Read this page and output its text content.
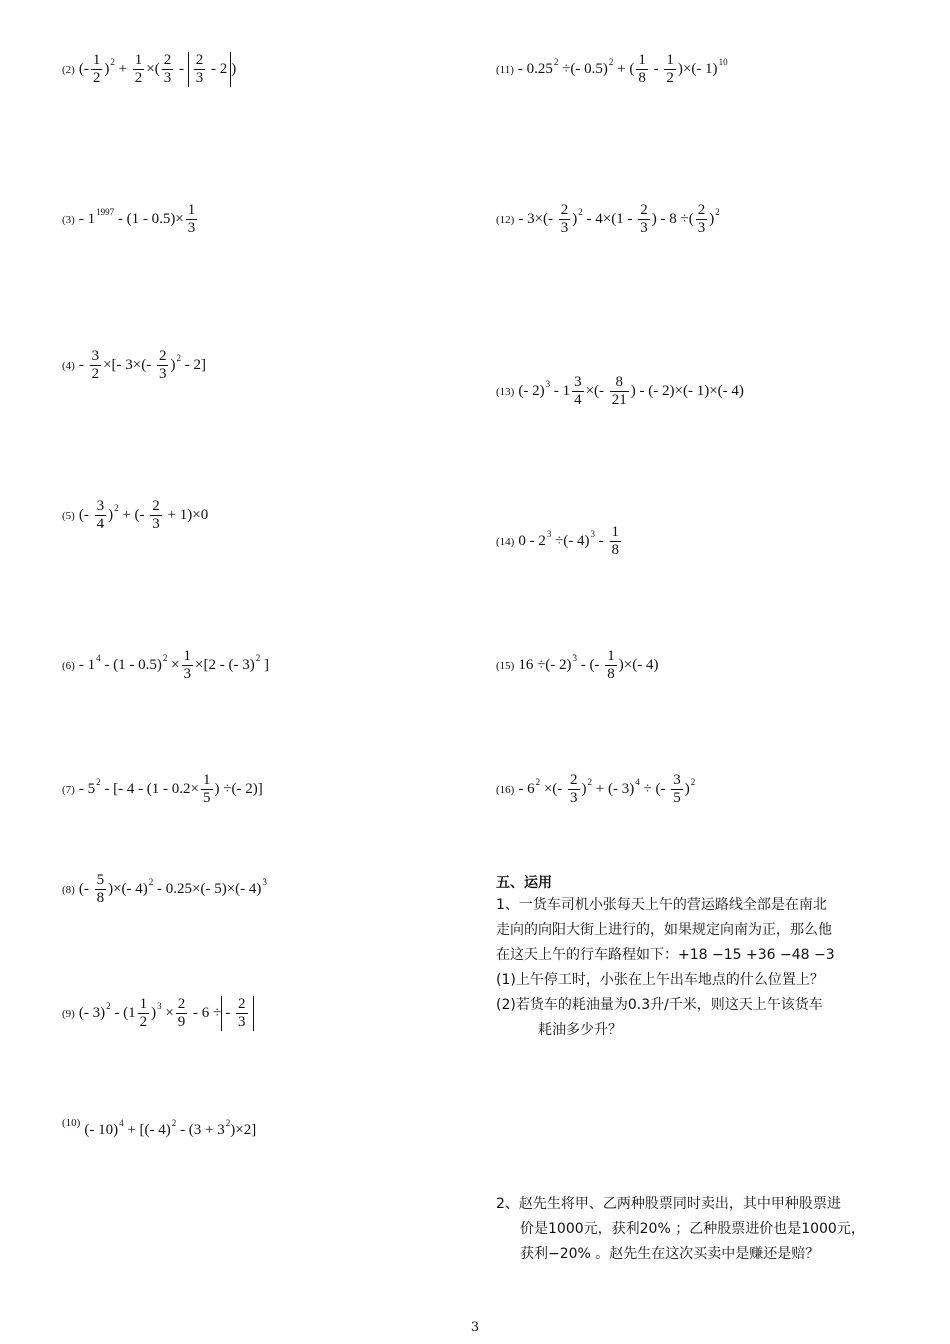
(2) (- $\frac{1}{2} )^2 + \frac{1}{2}$ ×( $\frac{2}{3} - \frac{2}{3} - 2$ )
$(3) - 1^{1997} - (1 - 0.5)\times \frac{1}{3}$
$(4) - \frac{3}{2}$ ×[- $3\times(- \frac{2}{3} )^2 - 2$]
(5) (- $\frac{3}{4} )^2$ + (- $\frac{2}{3} + 1)\times 0$
$(6) - 1^4 - (1 - 0.5)^2 \times \frac{1}{3} \times[2$ - (- 3)$^2$ ]
$(7) - 5^2$ - [- $4 - (1 - 0.2\times \frac{1}{5}$ ) ÷(- 2)]
(8) (- $\frac{5}{8}$ )×(- 4)$^2$ - 0.25×(- 5)×(- 4)$^3$
(9) (- $3)^2 - (1 \frac{1}{2} )^3 \times \frac{2}{9} - 6$ ÷ - $\frac{2}{3}$
$^{(10)}$ (- 10)$^4$ + [(- $4)^2 - (3 + 3^2)\times 2$]
$(11) - 0.25^2$ ÷(- 0.5)$^2$ + ( $\frac{1}{8} - \frac{1}{2}$ )×(- 1)$^{10}$
$(12) - 3\times(- \frac{2}{3} )^2 - 4\times(1 - \frac{2}{3}$ ) - 8 ÷( $\frac{2}{3} )^2$
(13) (- $2)^3 - 1 \frac{3}{4}$ ×(- $\frac{8}{21}$ ) - (- 2)×(- 1)×(- 4)
(14) $0 - 2^3$ ÷(- $4)^3 - \frac{1}{8}$
(15) 16 ÷(- 2)$^3$ - (- $\frac{1}{8}$ )×(- 4)
$(16) - 6^2$ ×(- $\frac{2}{3} )^2$ + (- 3)$^4$ ÷ (- $\frac{3}{5} )^2$
五、运用
1、一货车司机小张每天上午的营运路线全部是在南北
走向的向阳大街上进行的，如果规定向南为正，那么他
在这天上午的行车路程如下：+18 −15 +36 −48 −3
(1)上午停工时，小张在上午出车地点的什么位置上？
(2)若货车的耗油量为0.3升/千米，则这天上午该货车
耗油多少升？
2、赵先生将甲、乙两种股票同时卖出，其中甲种股票进
价是1000元，获利20% ；乙种股票进价也是1000元，
获利−20% 。赵先生在这次买卖中是赚还是赔？
3
